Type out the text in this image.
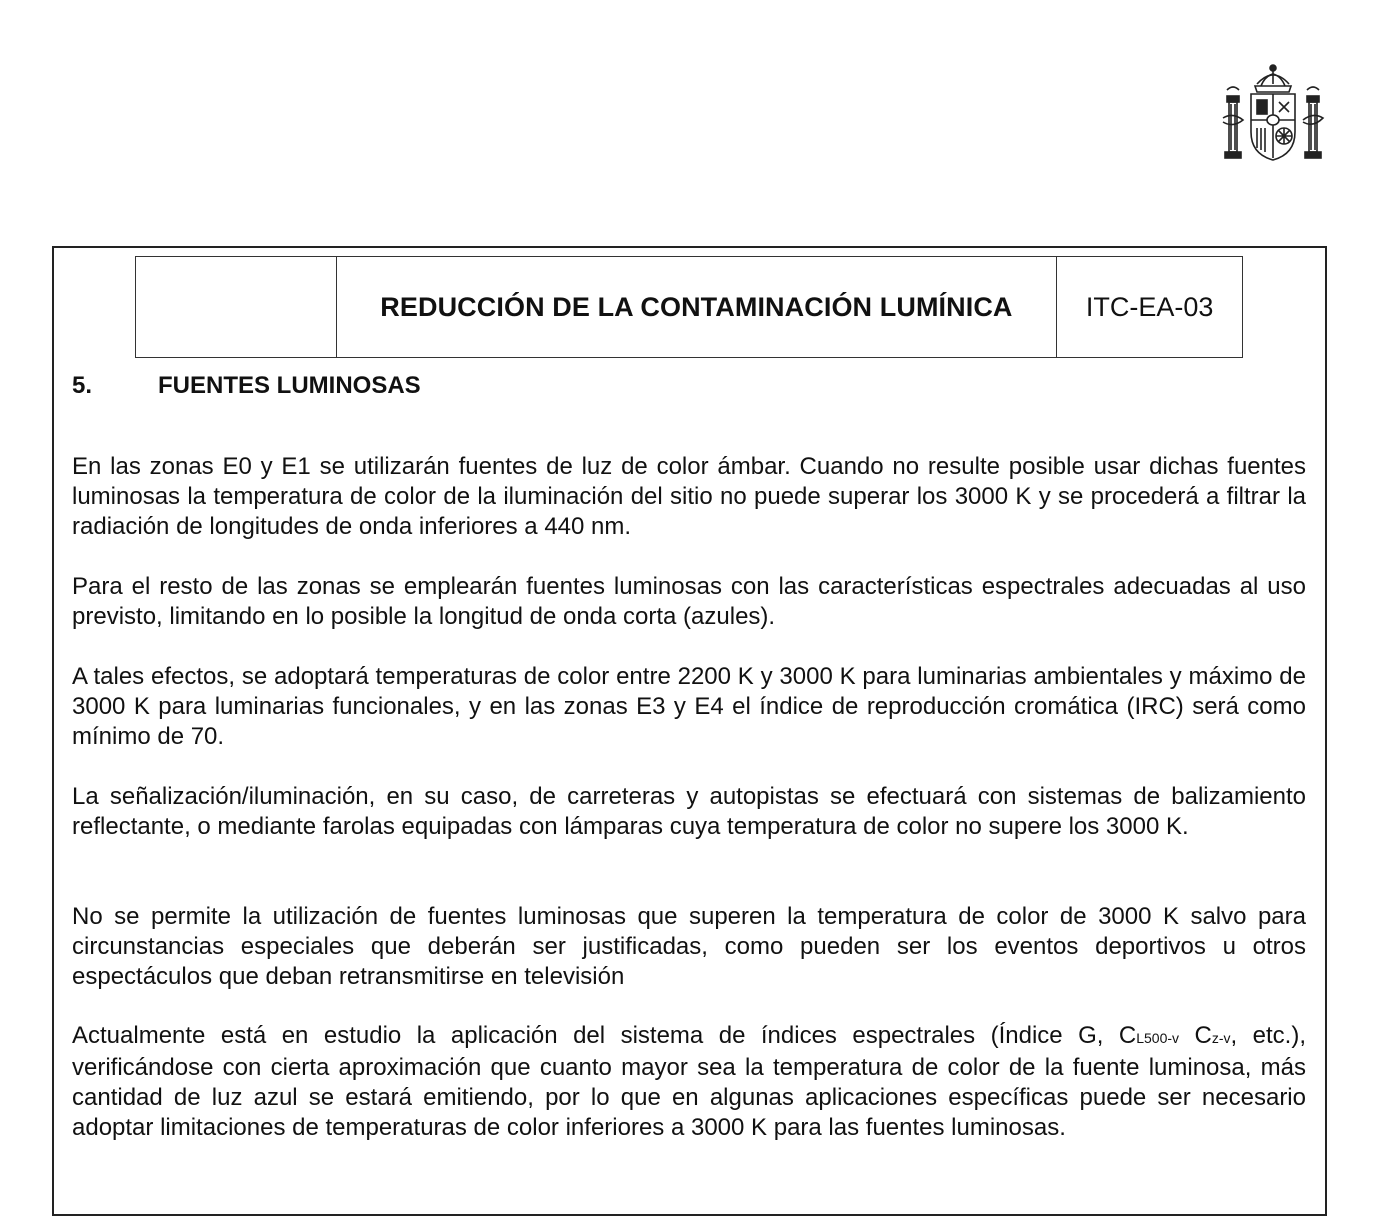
	REDUCCIÓN DE LA CONTAMINACIÓN LUMÍNICA	ITC-EA-03
5.	FUENTES LUMINOSAS

En las zonas E0 y E1 se utilizarán fuentes de luz de color ámbar. Cuando no resulte posible usar dichas fuentes luminosas la temperatura de color de la iluminación del sitio no puede superar los 3000 K y se procederá a filtrar la radiación de longitudes de onda inferiores a 440 nm.

Para el resto de las zonas se emplearán fuentes luminosas con las características espectrales adecuadas al uso previsto, limitando en lo posible la longitud de onda corta (azules).

A tales efectos, se adoptará temperaturas de color entre 2200 K y 3000 K para luminarias ambientales y máximo de 3000 K para luminarias funcionales, y en las zonas E3 y E4 el índice de reproducción cromática (IRC) será como mínimo de 70.

La señalización/iluminación, en su caso, de carreteras y autopistas se efectuará con sistemas de balizamiento reflectante, o mediante farolas equipadas con lámparas cuya temperatura de color no supere los 3000 K.

No se permite la utilización de fuentes luminosas que superen la temperatura de color de 3000 K salvo para circunstancias especiales que deberán ser justificadas, como pueden ser los eventos deportivos u otros espectáculos que deban retransmitirse en televisión

Actualmente está en estudio la aplicación del sistema de índices espectrales (Índice G, CL500-v Cz-v, etc.), verificándose con cierta aproximación que cuanto mayor sea la temperatura de color de la fuente luminosa, más cantidad de luz azul se estará emitiendo, por lo que en algunas aplicaciones específicas puede ser necesario adoptar limitaciones de temperaturas de color inferiores a 3000 K para las fuentes luminosas.
